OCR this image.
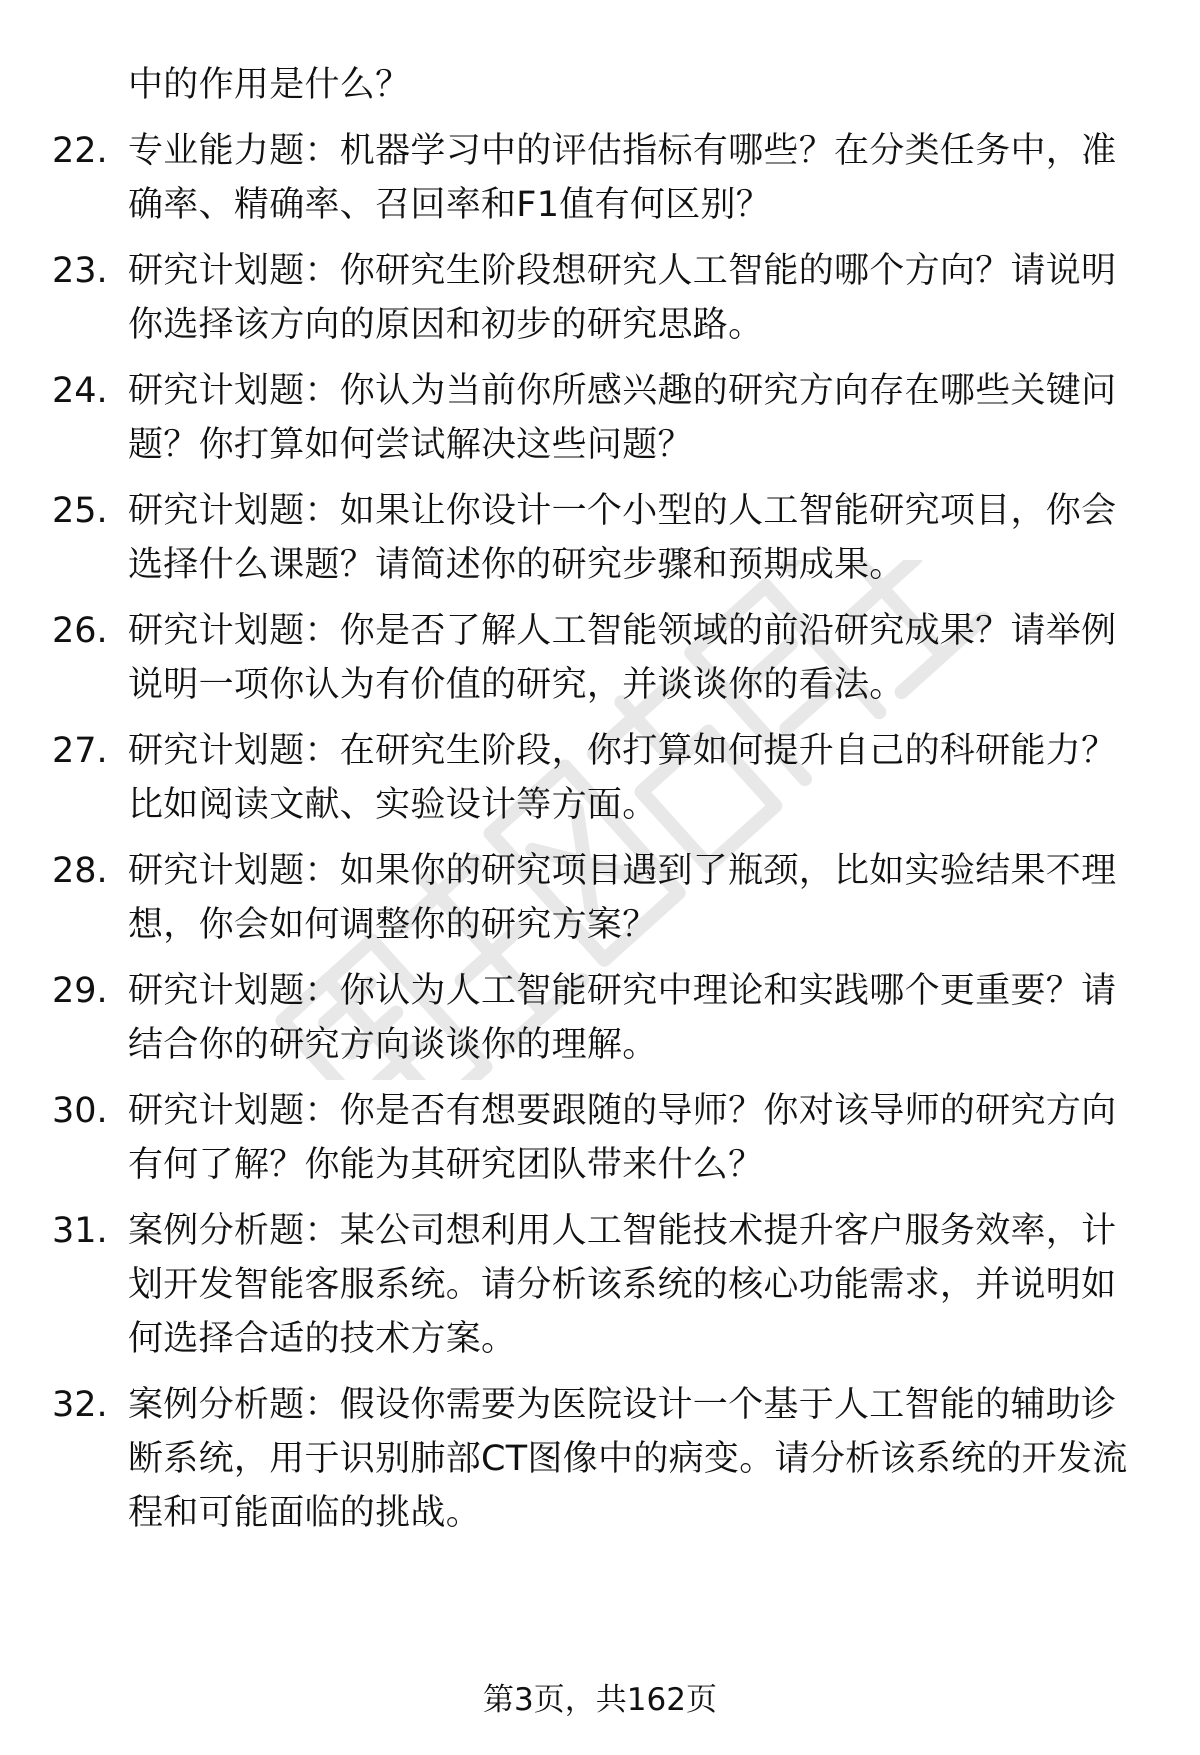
中的作用是什么？
22. 专业能力题：机器学习中的评估指标有哪些？在分类任务中，准
确率、精确率、召回率和F1值有何区别？
23. 研究计划题：你研究生阶段想研究人工智能的哪个方向？请说明
你选择该方向的原因和初步的研究思路。
24. 研究计划题：你认为当前你所感兴趣的研究方向存在哪些关键问
题？你打算如何尝试解决这些问题？
25. 研究计划题：如果让你设计一个小型的人工智能研究项目，你会
选择什么课题？请简述你的研究步骤和预期成果。
26. 研究计划题：你是否了解人工智能领域的前沿研究成果？请举例
说明一项你认为有价值的研究，并谈谈你的看法。
27. 研究计划题：在研究生阶段，你打算如何提升自己的科研能力？
比如阅读文献、实验设计等方面。
28. 研究计划题：如果你的研究项目遇到了瓶颈，比如实验结果不理
想，你会如何调整你的研究方案？
29. 研究计划题：你认为人工智能研究中理论和实践哪个更重要？请
结合你的研究方向谈谈你的理解。
30. 研究计划题：你是否有想要跟随的导师？你对该导师的研究方向
有何了解？你能为其研究团队带来什么？
31. 案例分析题：某公司想利用人工智能技术提升客户服务效率，计
划开发智能客服系统。请分析该系统的核心功能需求，并说明如
何选择合适的技术方案。
32. 案例分析题：假设你需要为医院设计一个基于人工智能的辅助诊
断系统，用于识别肺部CT图像中的病变。请分析该系统的开发流
程和可能面临的挑战。
第3页，共162页
